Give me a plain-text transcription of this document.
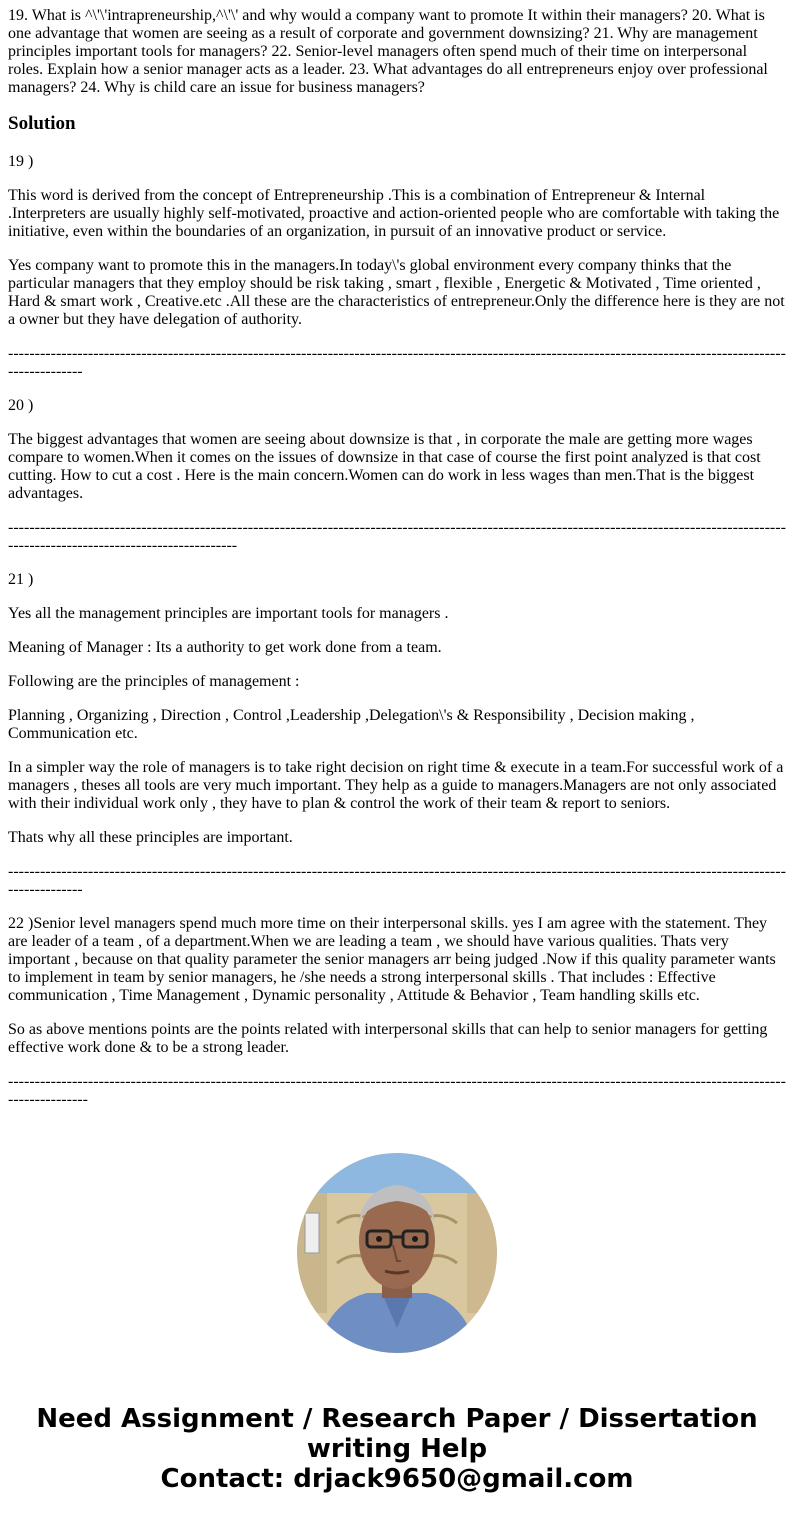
19. What is ^\'\'intrapreneurship,^\'\' and why would a company want to promote It within their managers? 20. What is one advantage that women are seeing as a result of corporate and government downsizing? 21. Why are management principles important tools for managers? 22. Senior-level managers often spend much of their time on interpersonal roles. Explain how a senior manager acts as a leader. 23. What advantages do all entrepreneurs enjoy over professional managers? 24. Why is child care an issue for business managers?

Solution

19 )

This word is derived from the concept of Entrepreneurship .This is a combination of Entrepreneur & Internal .Interpreters are usually highly self-motivated, proactive and action-oriented people who are comfortable with taking the initiative, even within the boundaries of an organization, in pursuit of an innovative product or service.

Yes company want to promote this in the managers.In today\'s global environment every company thinks that the particular managers that they employ should be risk taking , smart , flexible , Energetic & Motivated , Time oriented , Hard & smart work , Creative.etc .All these are the characteristics of entrepreneur.Only the difference here is they are not a owner but they have delegation of authority.

----------------------------------------------------------------------------------------------------------------------------------------------------------------

20 )

The biggest advantages that women are seeing about downsize is that , in corporate the male are getting more wages compare to women.When it comes on the issues of downsize in that case of course the first point analyzed is that cost cutting. How to cut a cost . Here is the main concern.Women can do work in less wages than men.That is the biggest advantages.

---------------------------------------------------------------------------------------------------------------------------------------------------------------------------------------------

21 )

Yes all the management principles are important tools for managers .

Meaning of Manager : Its a authority to get work done from a team.

Following are the principles of management :

Planning , Organizing , Direction , Control ,Leadership ,Delegation\'s & Responsibility , Decision making , Communication etc.

In a simpler way the role of managers is to take right decision on right time & execute in a team.For successful work of a managers , theses all tools are very much important. They help as a guide to managers.Managers are not only associated with their individual work only , they have to plan & control the work of their team & report to seniors.

Thats why all these principles are important.

----------------------------------------------------------------------------------------------------------------------------------------------------------------

22 )Senior level managers spend much more time on their interpersonal skills. yes I am agree with the statement. They are leader of a team , of a department.When we are leading a team , we should have various qualities. Thats very important , because on that quality parameter the senior managers arr being judged .Now if this quality parameter wants to implement in team by senior managers, he /she needs a strong interpersonal skills . That includes : Effective communication , Time Management , Dynamic personality , Attitude & Behavior , Team handling skills etc.

So as above mentions points are the points related with interpersonal skills that can help to senior managers for getting effective work done & to be a strong leader.

-----------------------------------------------------------------------------------------------------------------------------------------------------------------

Need Assignment / Research Paper / Dissertation
writing Help
Contact: drjack9650@gmail.com
